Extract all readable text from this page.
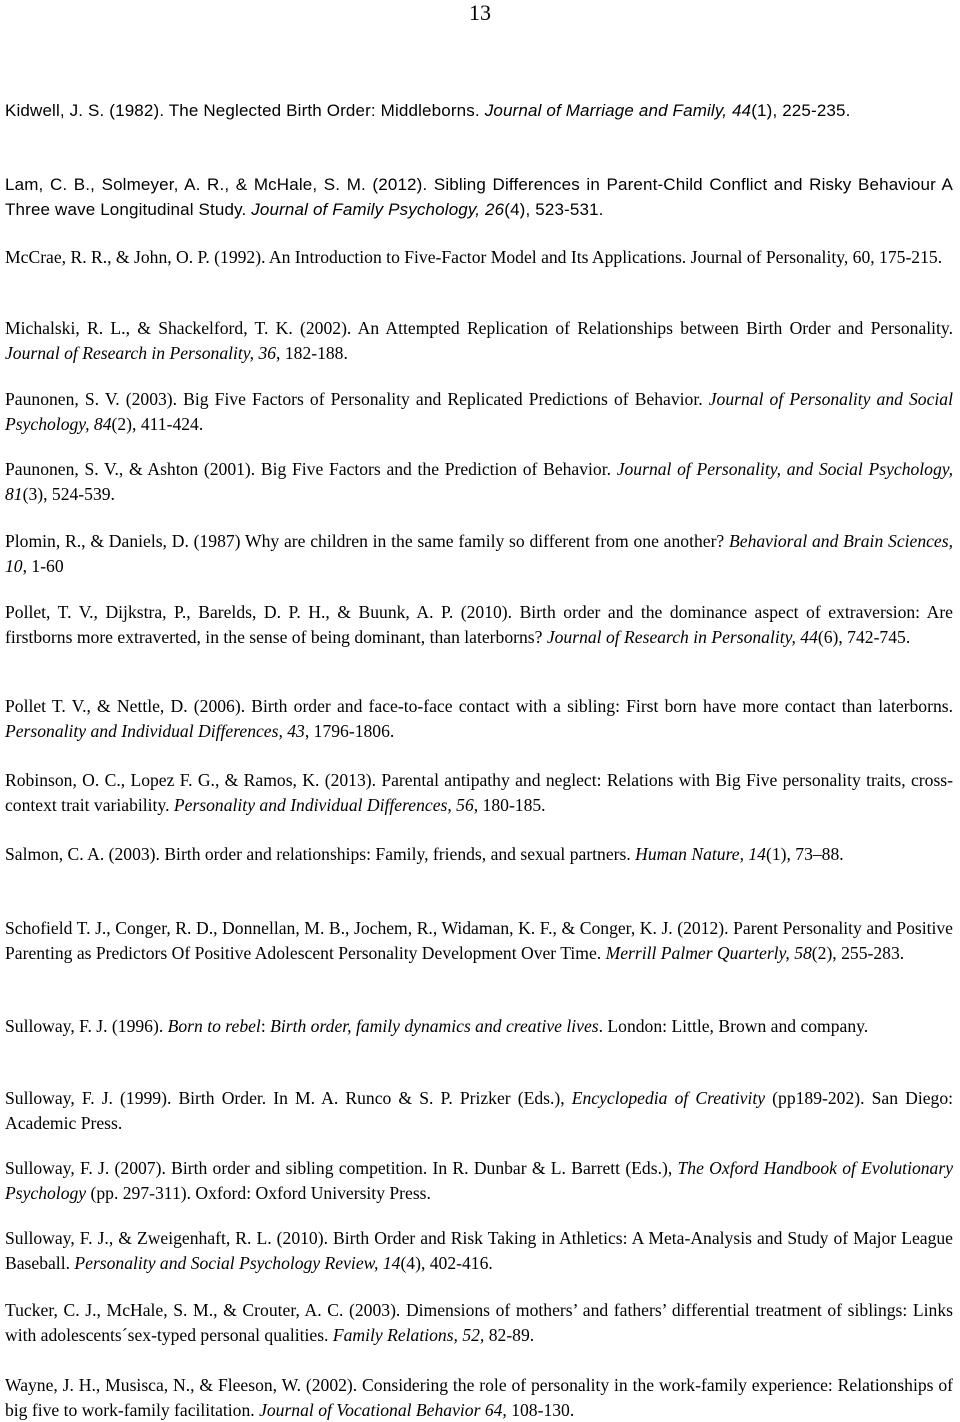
13

Kidwell, J. S. (1982). The Neglected Birth Order: Middleborns. Journal of Marriage and Family, 44(1), 225-235.

Lam, C. B., Solmeyer, A. R., & McHale, S. M. (2012). Sibling Differences in Parent-Child Conflict and Risky Behaviour A Three wave Longitudinal Study. Journal of Family Psychology, 26(4), 523-531.

McCrae, R. R., & John, O. P. (1992). An Introduction to Five-Factor Model and Its Applications. Journal of Personality, 60, 175-215.

Michalski, R. L., & Shackelford, T. K. (2002). An Attempted Replication of Relationships between Birth Order and Personality. Journal of Research in Personality, 36, 182-188.

Paunonen, S. V. (2003). Big Five Factors of Personality and Replicated Predictions of Behavior. Journal of Personality and Social Psychology, 84(2), 411-424.

Paunonen, S. V., & Ashton (2001). Big Five Factors and the Prediction of Behavior. Journal of Personality, and Social Psychology, 81(3), 524-539.

Plomin, R., & Daniels, D. (1987) Why are children in the same family so different from one another? Behavioral and Brain Sciences, 10, 1-60

Pollet, T. V., Dijkstra, P., Barelds, D. P. H., & Buunk, A. P. (2010). Birth order and the dominance aspect of extraversion: Are firstborns more extraverted, in the sense of being dominant, than laterborns? Journal of Research in Personality, 44(6), 742-745.

Pollet T. V., & Nettle, D. (2006). Birth order and face-to-face contact with a sibling: First born have more contact than laterborns. Personality and Individual Differences, 43, 1796-1806.

Robinson, O. C., Lopez F. G., & Ramos, K. (2013). Parental antipathy and neglect: Relations with Big Five personality traits, cross-context trait variability. Personality and Individual Differences, 56, 180-185.

Salmon, C. A. (2003). Birth order and relationships: Family, friends, and sexual partners. Human Nature, 14(1), 73–88.

Schofield T. J., Conger, R. D., Donnellan, M. B., Jochem, R., Widaman, K. F., & Conger, K. J. (2012). Parent Personality and Positive Parenting as Predictors Of Positive Adolescent Personality Development Over Time. Merrill Palmer Quarterly, 58(2), 255-283.

Sulloway, F. J. (1996). Born to rebel: Birth order, family dynamics and creative lives. London: Little, Brown and company.

Sulloway, F. J. (1999). Birth Order. In M. A. Runco & S. P. Prizker (Eds.), Encyclopedia of Creativity (pp189-202). San Diego: Academic Press.

Sulloway, F. J. (2007). Birth order and sibling competition. In R. Dunbar & L. Barrett (Eds.), The Oxford Handbook of Evolutionary Psychology (pp. 297-311). Oxford: Oxford University Press.

Sulloway, F. J., & Zweigenhaft, R. L. (2010). Birth Order and Risk Taking in Athletics: A Meta-Analysis and Study of Major League Baseball. Personality and Social Psychology Review, 14(4), 402-416.

Tucker, C. J., McHale, S. M., & Crouter, A. C. (2003). Dimensions of mothers’ and fathers’ differential treatment of siblings: Links with adolescents´sex-typed personal qualities. Family Relations, 52, 82-89.

Wayne, J. H., Musisca, N., & Fleeson, W. (2002). Considering the role of personality in the work-family experience: Relationships of big five to work-family facilitation. Journal of Vocational Behavior 64, 108-130.
